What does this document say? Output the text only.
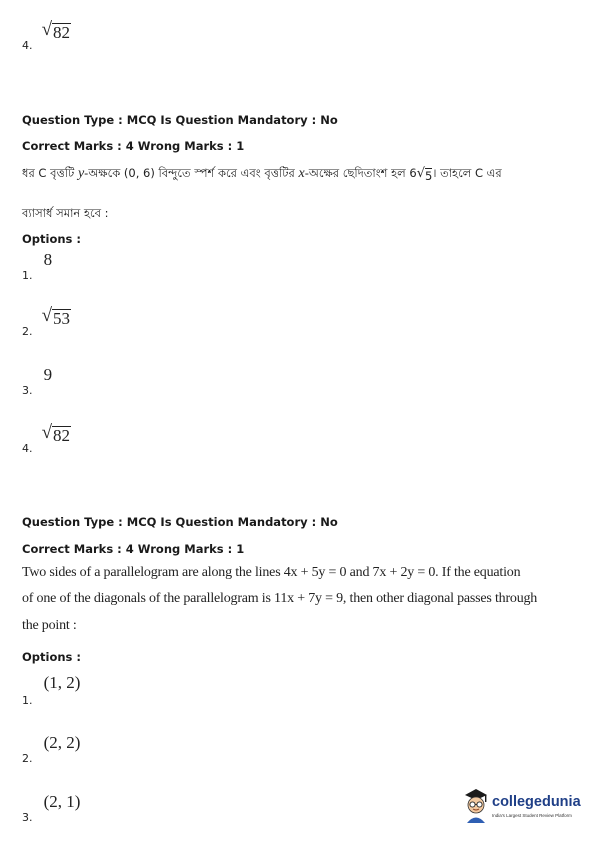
$_{4.}$
√ 82
Question Type : MCQ Is Question Mandatory : No
Correct Marks : 4 Wrong Marks : 1
ধর C বৃত্তটি y-অক্ষকে (0, 6) বিন্দুতে স্পর্শ করে এবং বৃত্তটির x-অক্ষের ছেদিতাংশ হল 6 √ 5 । তাহলে C এর
ব্যাসার্ধ সমান হবে :
Options :
$_{1.}$ 8
$_{2.}$
√ 53
$_{3.}$ 9
$_{4.}$
√ 82
Question Type : MCQ Is Question Mandatory : No
Correct Marks : 4 Wrong Marks : 1
Two sides of a parallelogram are along the lines 4x + 5y = 0 and 7x + 2y = 0. If the equation
of one of the diagonals of the parallelogram is 11x + 7y = 9, then other diagonal passes through
the point :
Options :
$_{1.}$ (1, 2)
$_{2.}$ (2, 2)
$_{3.}$ (2, 1)	collegedunia
India's Largest Student Review Platform
